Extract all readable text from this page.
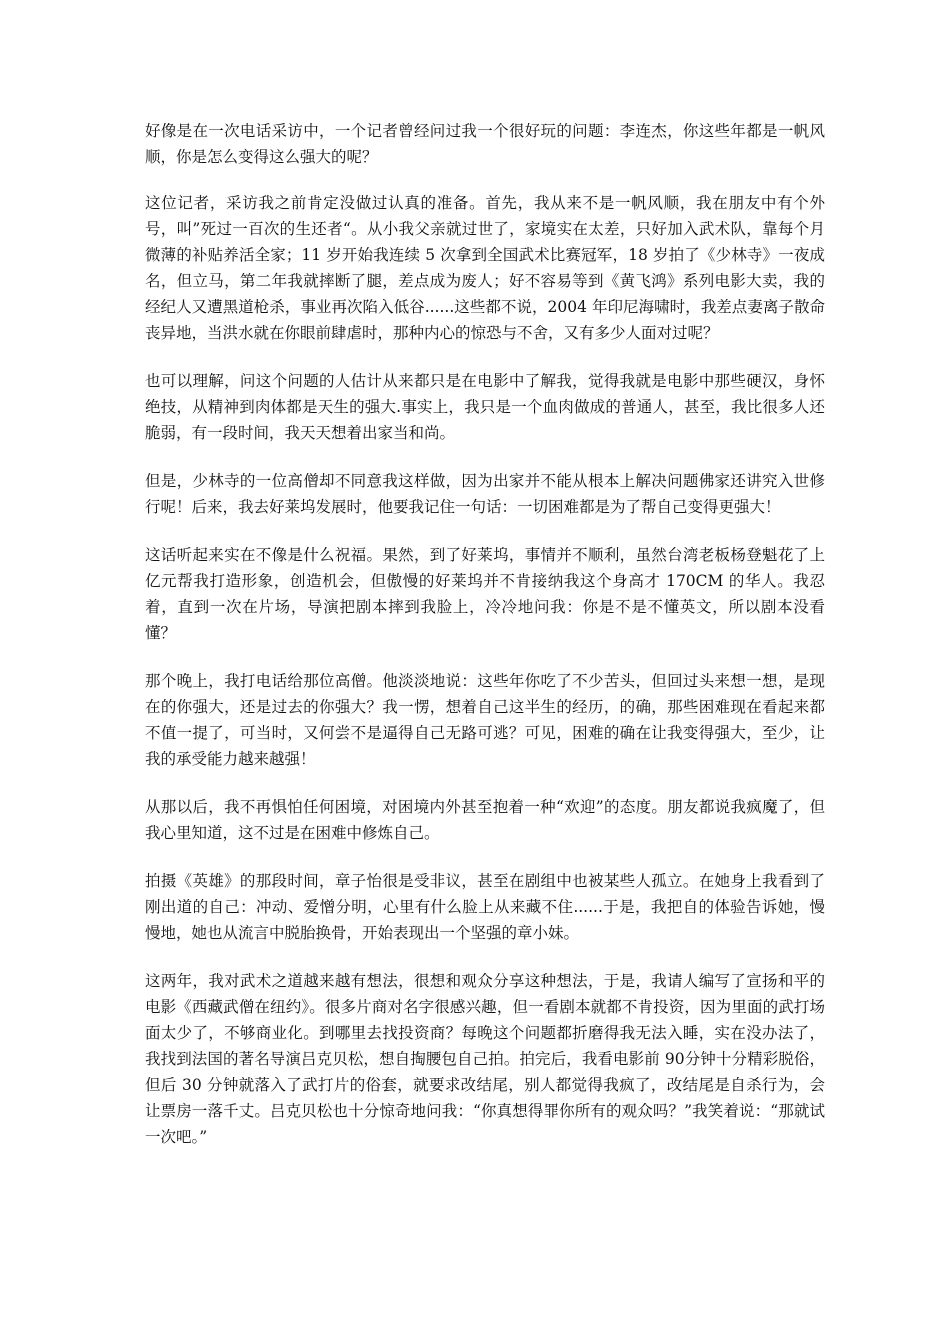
好像是在一次电话采访中，一个记者曾经问过我一个很好玩的问题：李连杰，你这些年都是一帆风顺，你是怎么变得这么强大的呢？

这位记者，采访我之前肯定没做过认真的准备。首先，我从来不是一帆风顺，我在朋友中有个外号，叫”死过一百次的生还者“。从小我父亲就过世了，家境实在太差，只好加入武术队，靠每个月微薄的补贴养活全家；11 岁开始我连续 5 次拿到全国武术比赛冠军，18 岁拍了《少林寺》一夜成名，但立马，第二年我就摔断了腿，差点成为废人；好不容易等到《黄飞鸿》系列电影大卖，我的经纪人又遭黑道枪杀，事业再次陷入低谷......这些都不说，2004 年印尼海啸时，我差点妻离子散命丧异地，当洪水就在你眼前肆虐时，那种内心的惊恐与不舍，又有多少人面对过呢？

也可以理解，问这个问题的人估计从来都只是在电影中了解我，觉得我就是电影中那些硬汉，身怀绝技，从精神到肉体都是天生的强大.事实上，我只是一个血肉做成的普通人，甚至，我比很多人还脆弱，有一段时间，我天天想着出家当和尚。

但是，少林寺的一位高僧却不同意我这样做，因为出家并不能从根本上解决问题佛家还讲究入世修行呢！后来，我去好莱坞发展时，他要我记住一句话：一切困难都是为了帮自己变得更强大！

这话听起来实在不像是什么祝福。果然，到了好莱坞，事情并不顺利，虽然台湾老板杨登魁花了上亿元帮我打造形象，创造机会，但傲慢的好莱坞并不肯接纳我这个身高才 170CM 的华人。我忍着，直到一次在片场，导演把剧本摔到我脸上，冷冷地问我：你是不是不懂英文，所以剧本没看懂？

那个晚上，我打电话给那位高僧。他淡淡地说：这些年你吃了不少苦头，但回过头来想一想，是现在的你强大，还是过去的你强大？我一愣，想着自己这半生的经历，的确，那些困难现在看起来都不值一提了，可当时，又何尝不是逼得自己无路可逃？可见，困难的确在让我变得强大，至少，让我的承受能力越来越强！

从那以后，我不再惧怕任何困境，对困境内外甚至抱着一种“欢迎”的态度。朋友都说我疯魔了，但我心里知道，这不过是在困难中修炼自己。

拍摄《英雄》的那段时间，章子怡很是受非议，甚至在剧组中也被某些人孤立。在她身上我看到了刚出道的自己：冲动、爱憎分明，心里有什么脸上从来藏不住......于是，我把自的体验告诉她，慢慢地，她也从流言中脱胎换骨，开始表现出一个坚强的章小妹。

这两年，我对武术之道越来越有想法，很想和观众分享这种想法，于是，我请人编写了宣扬和平的电影《西藏武僧在纽约》。很多片商对名字很感兴趣，但一看剧本就都不肯投资，因为里面的武打场面太少了，不够商业化。到哪里去找投资商？每晚这个问题都折磨得我无法入睡，实在没办法了，我找到法国的著名导演吕克贝松，想自掏腰包自己拍。拍完后，我看电影前 90分钟十分精彩脱俗，但后 30 分钟就落入了武打片的俗套，就要求改结尾，别人都觉得我疯了，改结尾是自杀行为，会让票房一落千丈。吕克贝松也十分惊奇地问我：“你真想得罪你所有的观众吗？”我笑着说：“那就试一次吧。”
